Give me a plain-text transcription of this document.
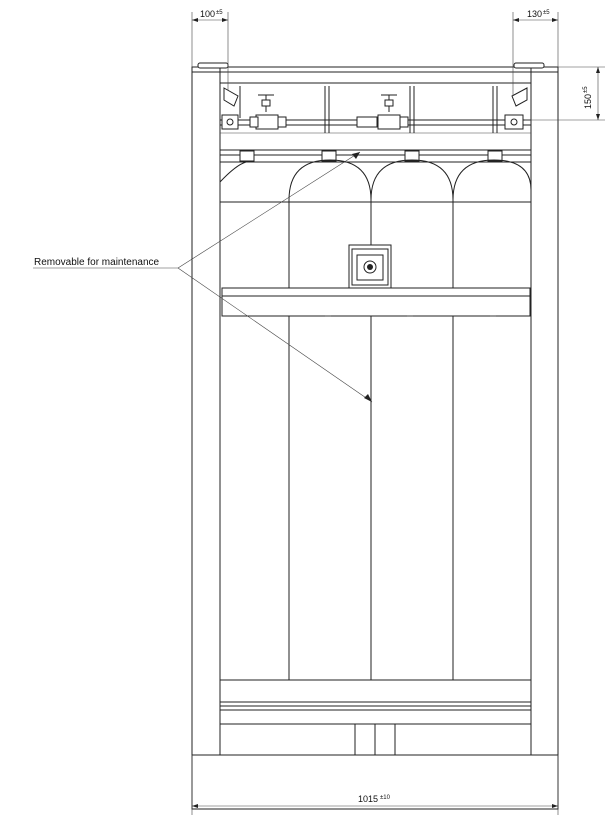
Removable for maintenance
100 ±5	130 ±5
150
±5
1015 ±10
